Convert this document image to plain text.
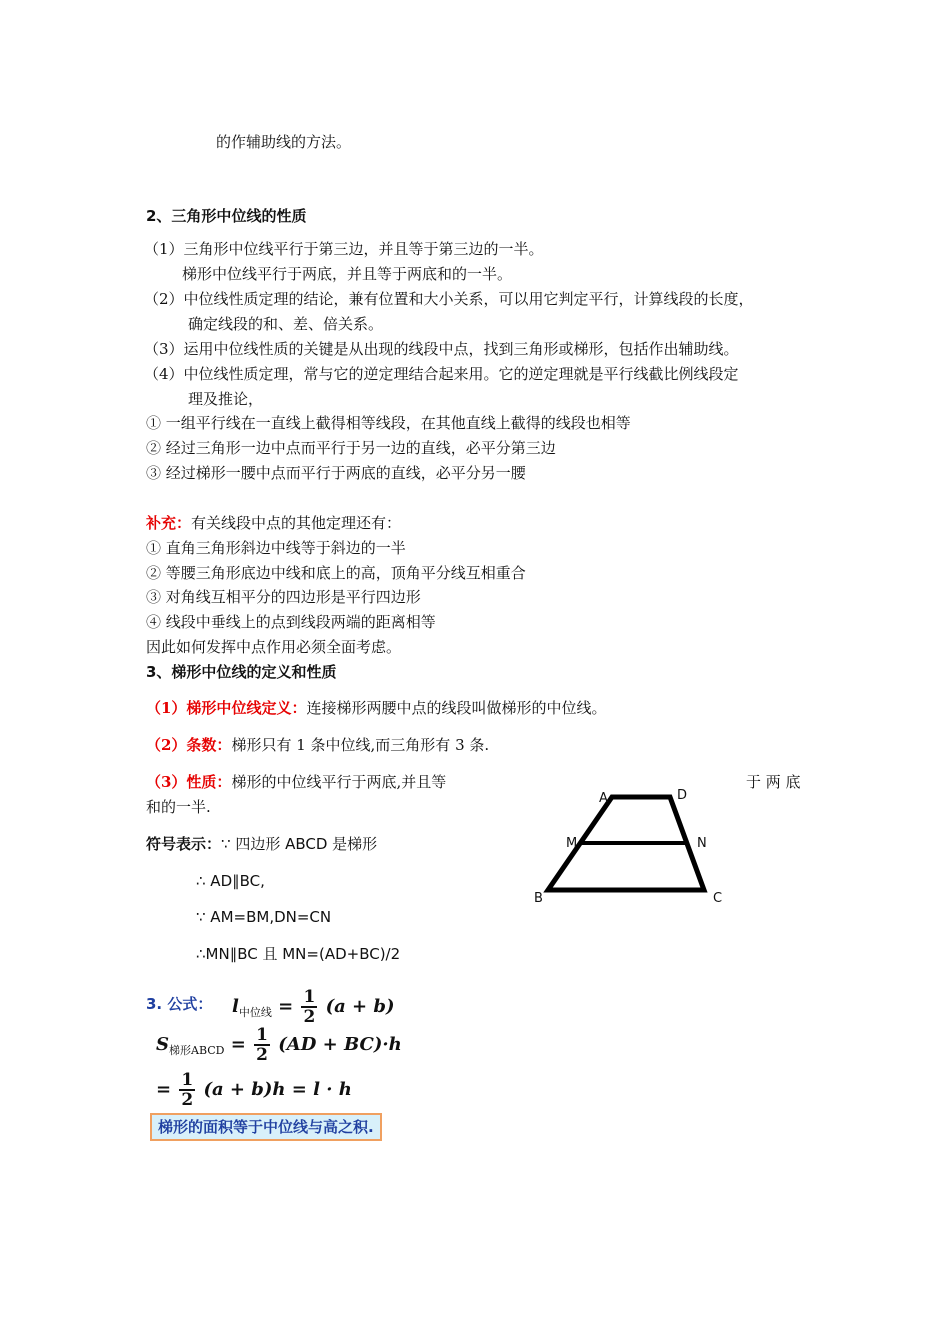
的作辅助线的方法。
2、三角形中位线的性质
（1）三角形中位线平行于第三边，并且等于第三边的一半。
梯形中位线平行于两底，并且等于两底和的一半。
（2）中位线性质定理的结论，兼有位置和大小关系，可以用它判定平行，计算线段的长度，
确定线段的和、差、倍关系。
（3）运用中位线性质的关键是从出现的线段中点，找到三角形或梯形，包括作出辅助线。
（4）中位线性质定理，常与它的逆定理结合起来用。它的逆定理就是平行线截比例线段定
理及推论，
① 一组平行线在一直线上截得相等线段，在其他直线上截得的线段也相等
② 经过三角形一边中点而平行于另一边的直线，必平分第三边
③ 经过梯形一腰中点而平行于两底的直线，必平分另一腰
补充：有关线段中点的其他定理还有：
① 直角三角形斜边中线等于斜边的一半
② 等腰三角形底边中线和底上的高，顶角平分线互相重合
③ 对角线互相平分的四边形是平行四边形
④ 线段中垂线上的点到线段两端的距离相等
因此如何发挥中点作用必须全面考虑。
3、梯形中位线的定义和性质
（1）梯形中位线定义：连接梯形两腰中点的线段叫做梯形的中位线。
（2）条数：梯形只有 1 条中位线,而三角形有 3 条.
（3）性质：梯形的中位线平行于两底,并且等	于 两 底
和的一半.
符号表示：∵ 四边形 ABCD 是梯形
∴ AD∥BC,
∵ AM=BM,DN=CN
∴MN∥BC 且 MN=(AD+BC)/2
A	D
M	N
B	C
3. 公式： $l_{中位线} = \frac{1}{2} (a + b)$
$S_{梯形ABCD} = \frac{1}{2} (AD + BC)\cdot h$
= $\frac{1}{2} (a + b)h = l \cdot h$
梯形的面积等于中位线与高之积.
